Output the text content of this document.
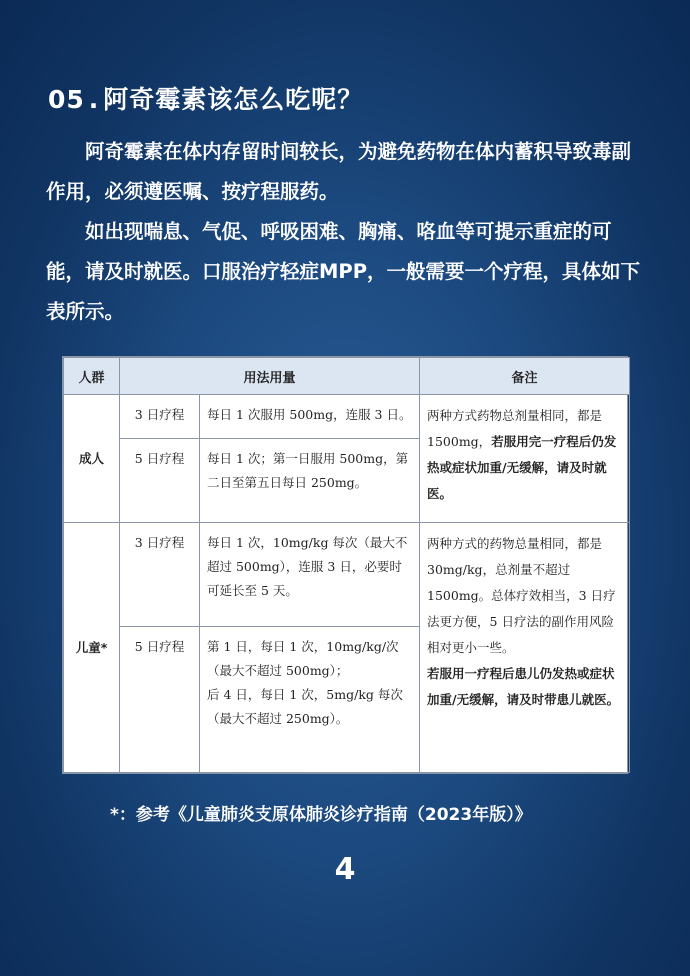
05 . 阿奇霉素该怎么吃呢？

阿奇霉素在体内存留时间较长，为避免药物在体内蓄积导致毒副作用，必须遵医嘱、按疗程服药。

如出现喘息、气促、呼吸困难、胸痛、咯血等可提示重症的可能，请及时就医。口服治疗轻症MPP，一般需要一个疗程，具体如下表所示。

人群	用法用量		备注
成人	3 日疗程	每日 1 次服用 500mg，连服 3 日。	两种方式药物总剂量相同，都是 1500mg，若服用完一疗程后仍发热或症状加重/无缓解，请及时就医。
	5 日疗程	每日 1 次；第一日服用 500mg，第二日至第五日每日 250mg。	
儿童*	3 日疗程	每日 1 次，10mg/kg 每次（最大不超过 500mg），连服 3 日，必要时可延长至 5 天。	两种方式的药物总量相同，都是 30mg/kg，总剂量不超过 1500mg。总体疗效相当，3 日疗法更方便，5 日疗法的副作用风险相对更小一些。
若服用一疗程后患儿仍发热或症状加重/无缓解，请及时带患儿就医。
	5 日疗程	第 1 日，每日 1 次，10mg/kg/次（最大不超过 500mg）；
后 4 日，每日 1 次，5mg/kg 每次（最大不超过 250mg）。	
*：参考《儿童肺炎支原体肺炎诊疗指南（2023年版）》
4
